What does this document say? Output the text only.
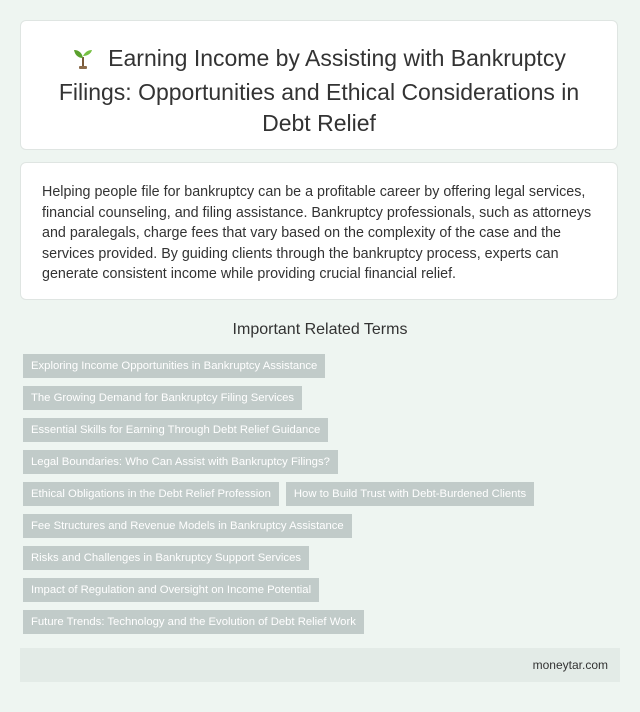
Earning Income by Assisting with Bankruptcy Filings: Opportunities and Ethical Considerations in Debt Relief

Helping people file for bankruptcy can be a profitable career by offering legal services, financial counseling, and filing assistance. Bankruptcy professionals, such as attorneys and paralegals, charge fees that vary based on the complexity of the case and the services provided. By guiding clients through the bankruptcy process, experts can generate consistent income while providing crucial financial relief.

Important Related Terms
Exploring Income Opportunities in Bankruptcy Assistance
The Growing Demand for Bankruptcy Filing Services
Essential Skills for Earning Through Debt Relief Guidance
Legal Boundaries: Who Can Assist with Bankruptcy Filings?
Ethical Obligations in the Debt Relief Profession	How to Build Trust with Debt-Burdened Clients
Fee Structures and Revenue Models in Bankruptcy Assistance
Risks and Challenges in Bankruptcy Support Services
Impact of Regulation and Oversight on Income Potential
Future Trends: Technology and the Evolution of Debt Relief Work
moneytar.com
